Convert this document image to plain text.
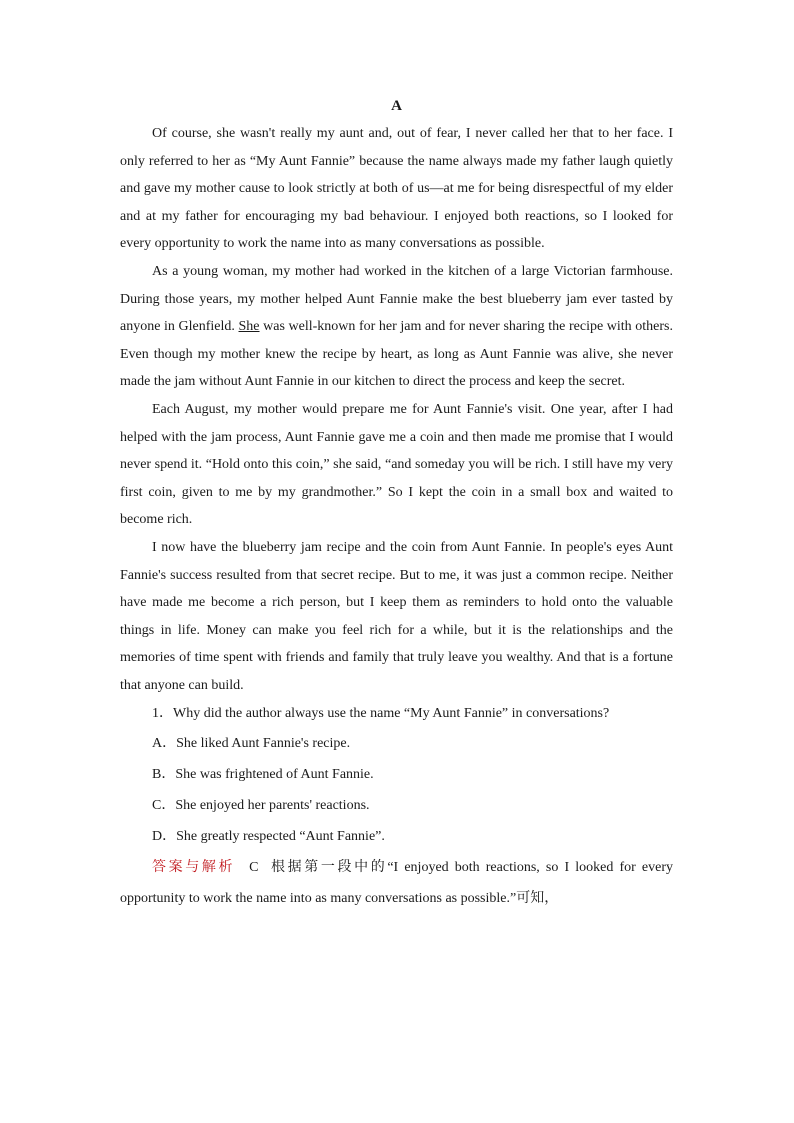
A

Of course, she wasn't really my aunt and, out of fear, I never called her that to her face. I only referred to her as “My Aunt Fannie” because the name always made my father laugh quietly and gave my mother cause to look strictly at both of us—at me for being disrespectful of my elder and at my father for encouraging my bad behaviour. I enjoyed both reactions, so I looked for every opportunity to work the name into as many conversations as possible.

As a young woman, my mother had worked in the kitchen of a large Victorian farmhouse. During those years, my mother helped Aunt Fannie make the best blueberry jam ever tasted by anyone in Glenfield. She was well-known for her jam and for never sharing the recipe with others. Even though my mother knew the recipe by heart, as long as Aunt Fannie was alive, she never made the jam without Aunt Fannie in our kitchen to direct the process and keep the secret.

Each August, my mother would prepare me for Aunt Fannie's visit. One year, after I had helped with the jam process, Aunt Fannie gave me a coin and then made me promise that I would never spend it. “Hold onto this coin,” she said, “and someday you will be rich. I still have my very first coin, given to me by my grandmother.” So I kept the coin in a small box and waited to become rich.

I now have the blueberry jam recipe and the coin from Aunt Fannie. In people's eyes Aunt Fannie's success resulted from that secret recipe. But to me, it was just a common recipe. Neither have made me become a rich person, but I keep them as reminders to hold onto the valuable things in life. Money can make you feel rich for a while, but it is the relationships and the memories of time spent with friends and family that truly leave you wealthy. And that is a fortune that anyone can build.

1．Why did the author always use the name “My Aunt Fannie” in conversations?

A．She liked Aunt Fannie's recipe.
B．She was frightened of Aunt Fannie.
C．She enjoyed her parents' reactions.
D．She greatly respected “Aunt Fannie”.

答案与解析 C 根据第一段中的“I enjoyed both reactions, so I looked for every opportunity to work the name into as many conversations as possible.”可知，
